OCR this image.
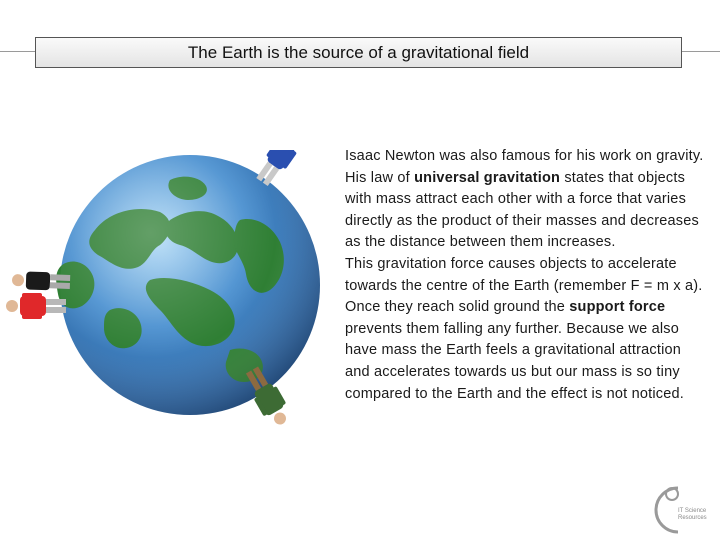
The Earth is the source of a gravitational field

Isaac Newton was also famous for his work on gravity. His law of universal gravitation states that objects with mass attract each other with a force that varies directly as the product of their masses and decreases as the distance between them increases.

This gravitation force causes objects to accelerate towards the centre of the Earth (remember F = m x a). Once they reach solid ground the support force prevents them falling any further. Because we also have mass the Earth feels a gravitational attraction and accelerates towards us but our mass is so tiny compared to the Earth and the effect is not noticed.

IT Science
Resources
